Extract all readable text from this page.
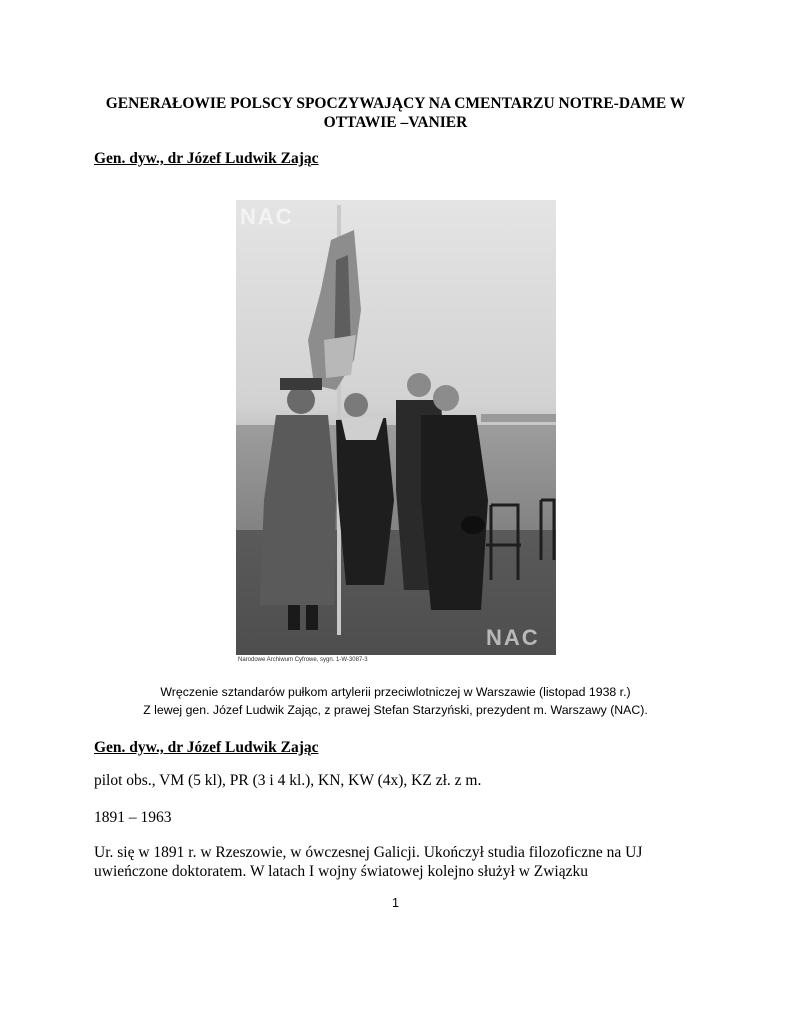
GENERAŁOWIE POLSCY SPOCZYWAJĄCY NA CMENTARZU NOTRE-DAME W
OTTAWIE –VANIER

Gen. dyw., dr Józef Ludwik Zając

NAC
NAC
Narodowe Archiwum Cyfrowe, sygn. 1-W-3087-3
Wręczenie sztandarów pułkom artylerii przeciwlotniczej w Warszawie (listopad 1938 r.)
Z lewej gen. Józef Ludwik Zając, z prawej Stefan Starzyński, prezydent m. Warszawy (NAC).

Gen. dyw., dr Józef Ludwik Zając

pilot obs., VM (5 kl), PR (3 i 4 kl.), KN, KW (4x), KZ zł. z m.

1891 – 1963

Ur. się w 1891 r. w Rzeszowie, w ówczesnej Galicji. Ukończył studia filozoficzne na UJ
uwieńczone doktoratem. W latach I wojny światowej kolejno służył w Związku
1
